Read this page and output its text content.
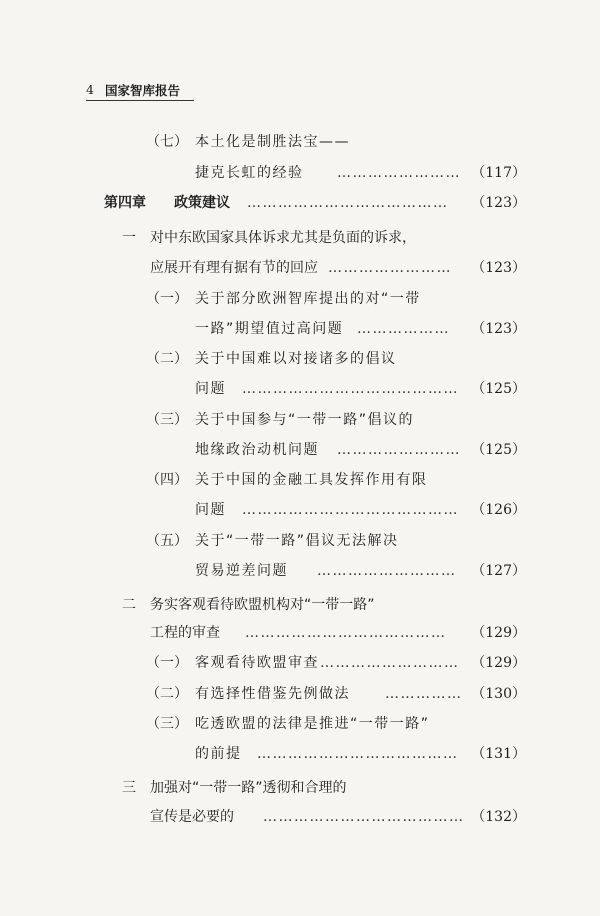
4 国家智库报告
（七） 本土化是制胜法宝——
捷克长虹的经验 …………………… （117）
第四章 政策建议 ………………………………… （123）
一 对中东欧国家具体诉求尤其是负面的诉求，
应展开有理有据有节的回应 …………………… （123）
（一） 关于部分欧洲智库提出的对“一带
一路”期望值过高问题 ……………… （123）
（二） 关于中国难以对接诸多的倡议
问题 …………………………………… （125）
（三） 关于中国参与“一带一路”倡议的
地缘政治动机问题 …………………… （125）
（四） 关于中国的金融工具发挥作用有限
问题 …………………………………… （126）
（五） 关于“一带一路”倡议无法解决
贸易逆差问题 ……………………… （127）
二 务实客观看待欧盟机构对“一带一路”
工程的审查 ………………………………… （129）
（一） 客观看待欧盟审查 ……………………… （129）
（二） 有选择性借鉴先例做法	…………… （130）
（三） 吃透欧盟的法律是推进“一带一路”
的前提 ………………………………… （131）
三 加强对“一带一路”透彻和合理的
宣传是必要的 ………………………………… （132）
